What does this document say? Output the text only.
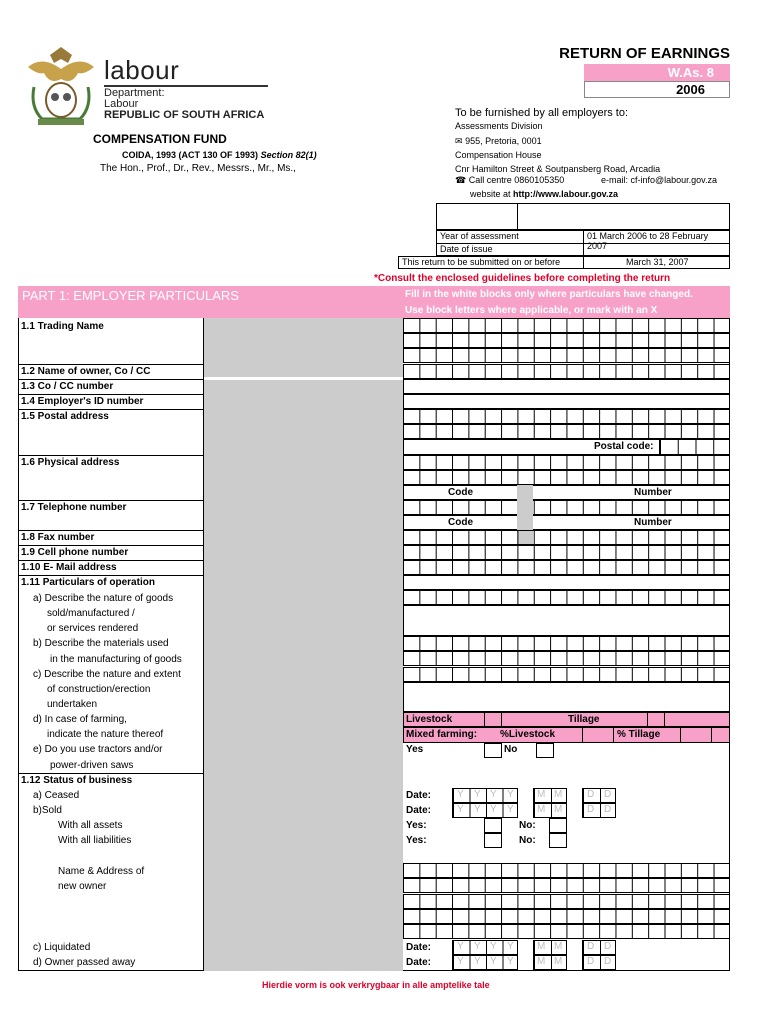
labour
Department:
Labour
REPUBLIC OF SOUTH AFRICA
RETURN OF EARNINGS
W.As. 8
2006
To be furnished by all employers to:
Assessments Division
COMPENSATION FUND
COIDA, 1993 (ACT 130 OF 1993) Section 82(1)
The Hon., Prof., Dr., Rev., Messrs., Mr., Ms.,
✉ 955, Pretoria, 0001
Compensation House
Cnr Hamilton Street & Soutpansberg Road, Arcadia
☎ Call centre 0860105350	e-mail: cf-info@labour.gov.za
website at http://www.labour.gov.za
Year of assessment	01 March 2006 to 28 February 2007
Date of issue
This return to be submitted on or before	March 31, 2007
*Consult the enclosed guidelines before completing the return
PART 1: EMPLOYER PARTICULARS	Fill in the white blocks only where particulars have changed.
Use block letters where applicable, or mark with an X
1.1 Trading Name
1.2 Name of owner, Co / CC
1.3 Co / CC number
1.4 Employer's ID number
1.5 Postal address
1.6 Physical address
1.7 Telephone number
1.8 Fax number
1.9 Cell phone number
1.10 E- Mail address
1.11 Particulars of operation
a) Describe the nature of goods
sold/manufactured /
or services rendered
b) Describe the materials used
in the manufacturing of goods
c) Describe the nature and extent
of construction/erection
undertaken
d) In case of farming,
indicate the nature thereof
e) Do you use tractors and/or
power-driven saws
1.12 Status of business
a) Ceased
b)Sold
With all assets
With all liabilities
Name & Address of
new owner
c) Liquidated
d) Owner passed away
Postal code:
Code	Number
Code	Number
Livestock	Tillage
Mixed farming: %Livestock	% Tillage
Yes	No
Date:	Y Y Y Y M M D D
Date:	Y Y Y Y M M D D
Yes:	No:
Yes:	No:
Date:	Y Y Y Y M M D D
Date:	Y Y Y Y M M D D
Hierdie vorm is ook verkrygbaar in alle amptelike tale
